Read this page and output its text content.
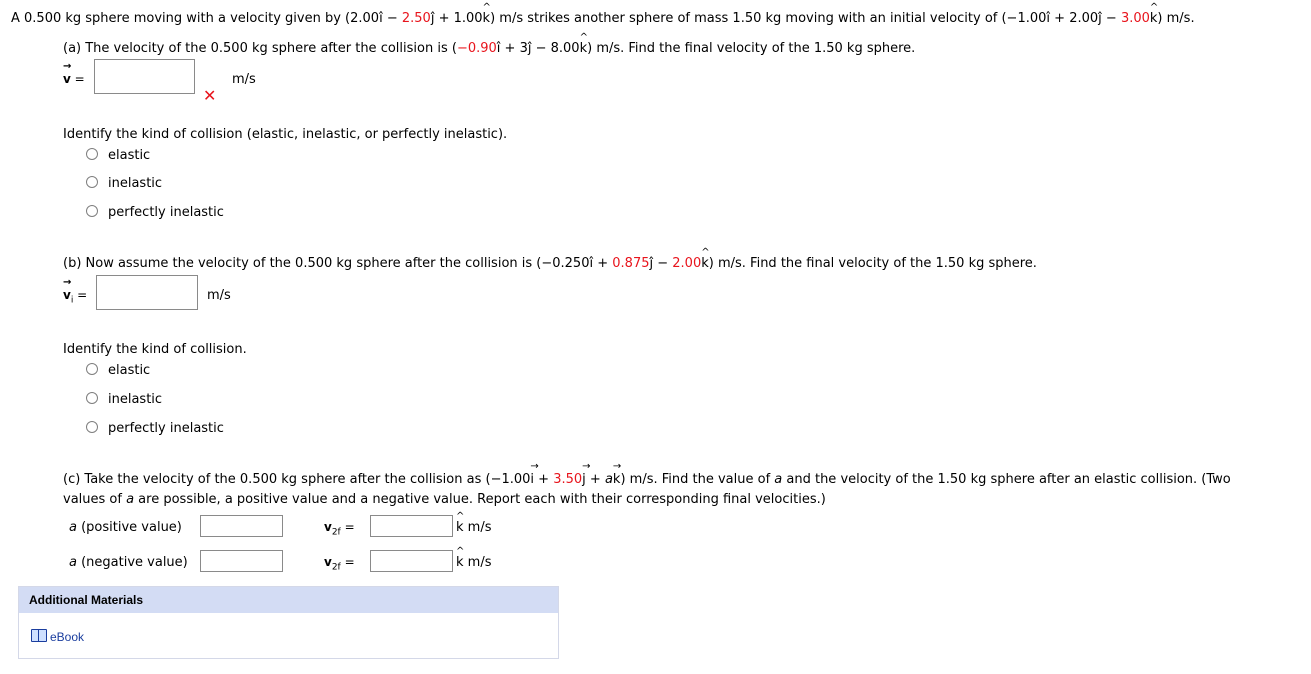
A 0.500 kg sphere moving with a velocity given by (2.00î − 2.50ĵ + 1.00^ k) m/s strikes another sphere of mass 1.50 kg moving with an initial velocity of (−1.00î + 2.00ĵ − 3.00^ k) m/s.
(a) The velocity of the 0.500 kg sphere after the collision is (−0.90î + 3ĵ − 8.00^ k) m/s. Find the final velocity of the 1.50 kg sphere.
→ v =	m/s
✕
Identify the kind of collision (elastic, inelastic, or perfectly inelastic).
elastic
inelastic
perfectly inelastic
(b) Now assume the velocity of the 0.500 kg sphere after the collision is (−0.250î + 0.875ĵ − 2.00^ k) m/s. Find the final velocity of the 1.50 kg sphere.
→ $v_i$ =	m/s
Identify the kind of collision.
elastic
inelastic
perfectly inelastic
(c) Take the velocity of the 0.500 kg sphere after the collision as (−1.00→ i + 3.50→ j + a→ k) m/s. Find the value of a and the velocity of the 1.50 kg sphere after an elastic collision. (Two
values of a are possible, a positive value and a negative value. Report each with their corresponding final velocities.)
a (positive value)	$v_{2f}$ =	^ k m/s
a (negative value)	$v_{2f}$ =	^ k m/s
Additional Materials
eBook
